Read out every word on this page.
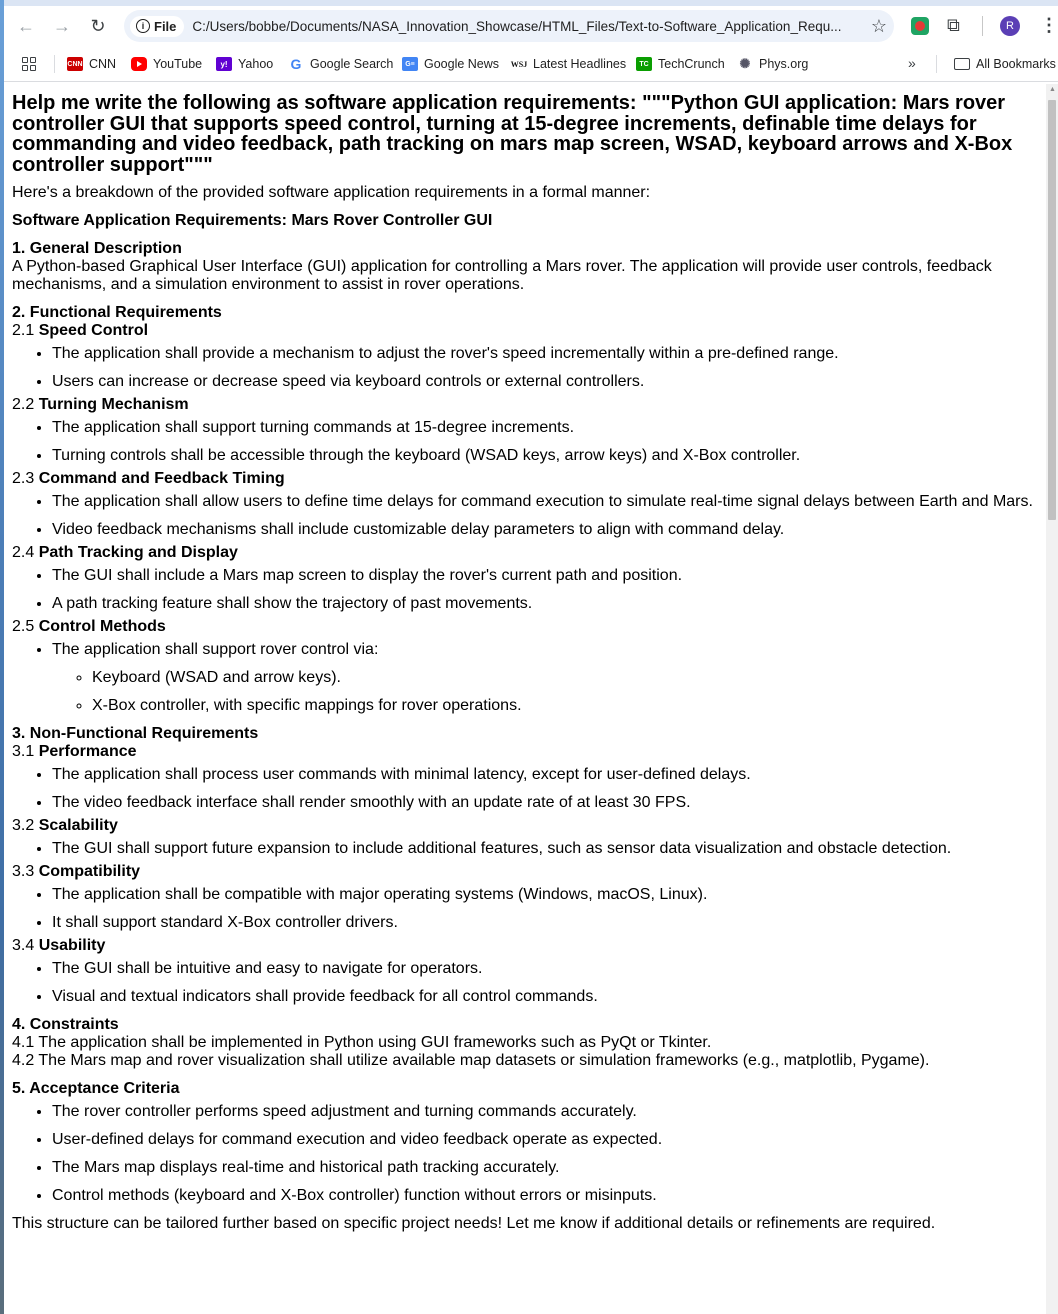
← → ↻	i File C:/Users/bobbe/Documents/NASA_Innovation_Showcase/HTML_Files/Text-to-Software_Application_Requ...	☆	⧉	R	⋮
CNN CNN	YouTube	y! Yahoo G Google Search	G≡ Google News WSJ Latest Headlines	TC TechCrunch ✺ Phys.org	»	All Bookmarks
Help me write the following as software application requirements: """Python GUI application: Mars rover controller GUI that supports speed control, turning at 15-degree increments, definable time delays for commanding and video feedback, path tracking on mars map screen, WSAD, keyboard arrows and X-Box controller support"""

Here's a breakdown of the provided software application requirements in a formal manner:

Software Application Requirements: Mars Rover Controller GUI

1. General Description

A Python-based Graphical User Interface (GUI) application for controlling a Mars rover. The application will provide user controls, feedback mechanisms, and a simulation environment to assist in rover operations.

2. Functional Requirements

2.1 Speed Control

• The application shall provide a mechanism to adjust the rover's speed incrementally within a pre-defined range.
• Users can increase or decrease speed via keyboard controls or external controllers.

2.2 Turning Mechanism

• The application shall support turning commands at 15-degree increments.
• Turning controls shall be accessible through the keyboard (WSAD keys, arrow keys) and X-Box controller.

2.3 Command and Feedback Timing

• The application shall allow users to define time delays for command execution to simulate real-time signal delays between Earth and Mars.
• Video feedback mechanisms shall include customizable delay parameters to align with command delay.

2.4 Path Tracking and Display

• The GUI shall include a Mars map screen to display the rover's current path and position.
• A path tracking feature shall show the trajectory of past movements.

2.5 Control Methods

• The application shall support rover control via:
◦ Keyboard (WSAD and arrow keys).
◦ X-Box controller, with specific mappings for rover operations.

3. Non-Functional Requirements

3.1 Performance

• The application shall process user commands with minimal latency, except for user-defined delays.
• The video feedback interface shall render smoothly with an update rate of at least 30 FPS.

3.2 Scalability

• The GUI shall support future expansion to include additional features, such as sensor data visualization and obstacle detection.

3.3 Compatibility

• The application shall be compatible with major operating systems (Windows, macOS, Linux).
• It shall support standard X-Box controller drivers.

3.4 Usability

• The GUI shall be intuitive and easy to navigate for operators.
• Visual and textual indicators shall provide feedback for all control commands.

4. Constraints

4.1 The application shall be implemented in Python using GUI frameworks such as PyQt or Tkinter.

4.2 The Mars map and rover visualization shall utilize available map datasets or simulation frameworks (e.g., matplotlib, Pygame).

5. Acceptance Criteria

• The rover controller performs speed adjustment and turning commands accurately.
• User-defined delays for command execution and video feedback operate as expected.
• The Mars map displays real-time and historical path tracking accurately.
• Control methods (keyboard and X-Box controller) function without errors or misinputs.

This structure can be tailored further based on specific project needs! Let me know if additional details or refinements are required.

▲
